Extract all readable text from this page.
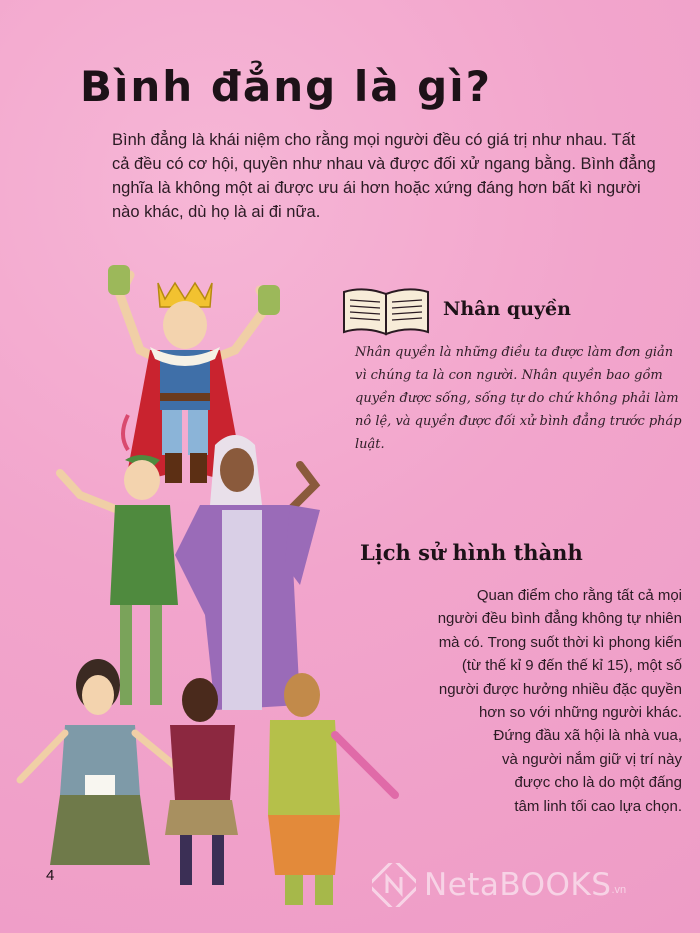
Bình đẳng là gì?

Bình đẳng là khái niệm cho rằng mọi người đều có giá trị như nhau. Tất cả đều có cơ hội, quyền như nhau và được đối xử ngang bằng. Bình đẳng nghĩa là không một ai được ưu ái hơn hoặc xứng đáng hơn bất kì người nào khác, dù họ là ai đi nữa.

Nhân quyền

Nhân quyền là những điều ta được làm đơn giản vì chúng ta là con người. Nhân quyền bao gồm quyền được sống, sống tự do chứ không phải làm nô lệ, và quyền được đối xử bình đẳng trước pháp luật.

Lịch sử hình thành

Quan điểm cho rằng tất cả mọi
người đều bình đẳng không tự nhiên
mà có. Trong suốt thời kì phong kiến
(từ thế kỉ 9 đến thế kỉ 15), một số
người được hưởng nhiều đặc quyền
hơn so với những người khác.
Đứng đầu xã hội là nhà vua,
và người nắm giữ vị trí này
được cho là do một đấng
tâm linh tối cao lựa chọn.

4	NetaBOOKS .vn
